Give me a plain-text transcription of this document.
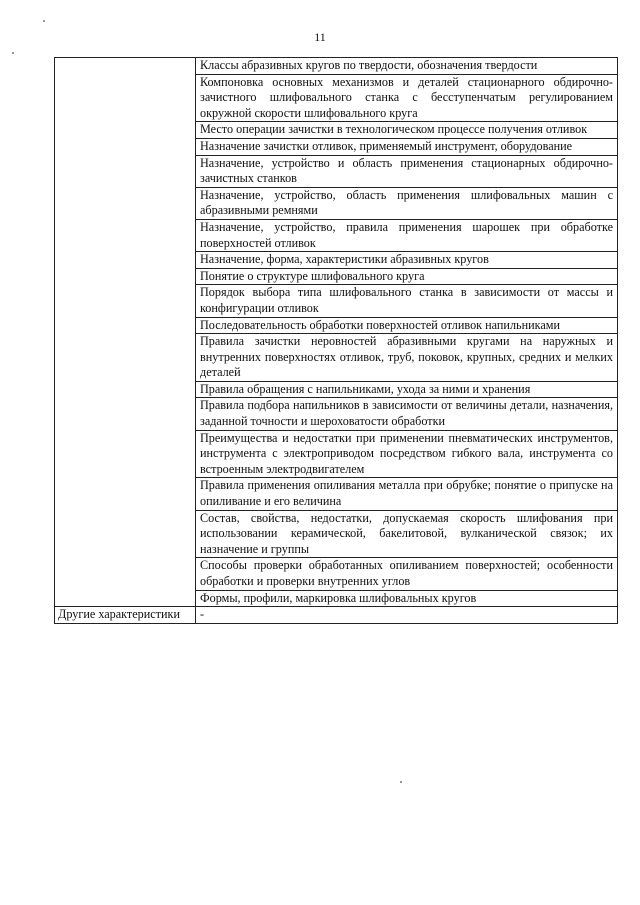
11
	Классы абразивных кругов по твердости, обозначения твердости
	Компоновка основных механизмов и деталей стационарного обдирочно-зачистного шлифовального станка с бесступенчатым регулированием окружной скорости шлифовального круга
	Место операции зачистки в технологическом процессе получения отливок
	Назначение зачистки отливок, применяемый инструмент, оборудование
	Назначение, устройство и область применения стационарных обдирочно-зачистных станков
	Назначение, устройство, область применения шлифовальных машин с абразивными ремнями
	Назначение, устройство, правила применения шарошек при обработке поверхностей отливок
	Назначение, форма, характеристики абразивных кругов
	Понятие о структуре шлифовального круга
	Порядок выбора типа шлифовального станка в зависимости от массы и конфигурации отливок
	Последовательность обработки поверхностей отливок напильниками
	Правила зачистки неровностей абразивными кругами на наружных и внутренних поверхностях отливок, труб, поковок, крупных, средних и мелких деталей
	Правила обращения с напильниками, ухода за ними и хранения
	Правила подбора напильников в зависимости от величины детали, назначения, заданной точности и шероховатости обработки
	Преимущества и недостатки при применении пневматических инструментов, инструмента с электроприводом посредством гибкого вала, инструмента со встроенным электродвигателем
	Правила применения опиливания металла при обрубке; понятие о припуске на опиливание и его величина
	Состав, свойства, недостатки, допускаемая скорость шлифования при использовании керамической, бакелитовой, вулканической связок; их назначение и группы
	Способы проверки обработанных опиливанием поверхностей; особенности обработки и проверки внутренних углов
	Формы, профили, маркировка шлифовальных кругов
Другие характеристики	-
